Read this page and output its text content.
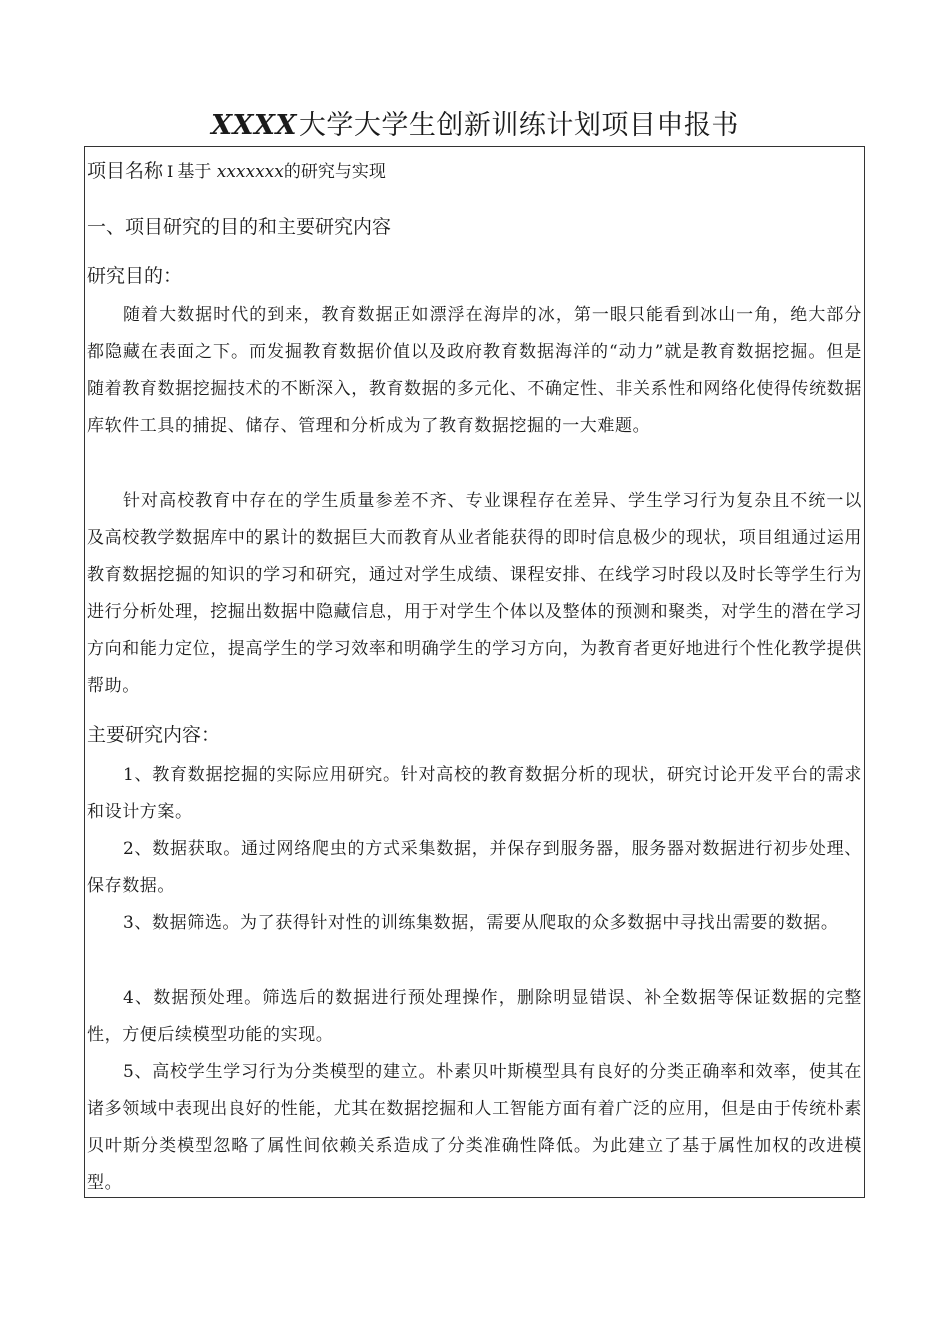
XXXX大学大学生创新训练计划项目申报书
项目名称 I 基于 xxxxxxx的研究与实现
一、项目研究的目的和主要研究内容
研究目的：

随着大数据时代的到来，教育数据正如漂浮在海岸的冰，第一眼只能看到冰山一角，绝大部分都隐藏在表面之下。而发掘教育数据价值以及政府教育数据海洋的“动力”就是教育数据挖掘。但是随着教育数据挖掘技术的不断深入，教育数据的多元化、不确定性、非关系性和网络化使得传统数据库软件工具的捕捉、储存、管理和分析成为了教育数据挖掘的一大难题。

针对高校教育中存在的学生质量参差不齐、专业课程存在差异、学生学习行为复杂且不统一以及高校教学数据库中的累计的数据巨大而教育从业者能获得的即时信息极少的现状，项目组通过运用教育数据挖掘的知识的学习和研究，通过对学生成绩、课程安排、在线学习时段以及时长等学生行为进行分析处理，挖掘出数据中隐藏信息，用于对学生个体以及整体的预测和聚类，对学生的潜在学习方向和能力定位，提高学生的学习效率和明确学生的学习方向，为教育者更好地进行个性化教学提供帮助。

主要研究内容：

1、教育数据挖掘的实际应用研究。针对高校的教育数据分析的现状，研究讨论开发平台的需求和设计方案。

2、数据获取。通过网络爬虫的方式采集数据，并保存到服务器，服务器对数据进行初步处理、保存数据。

3、数据筛选。为了获得针对性的训练集数据，需要从爬取的众多数据中寻找出需要的数据。

4、数据预处理。筛选后的数据进行预处理操作，删除明显错误、补全数据等保证数据的完整性，方便后续模型功能的实现。

5、高校学生学习行为分类模型的建立。朴素贝叶斯模型具有良好的分类正确率和效率，使其在诸多领域中表现出良好的性能，尤其在数据挖掘和人工智能方面有着广泛的应用，但是由于传统朴素贝叶斯分类模型忽略了属性间依赖关系造成了分类准确性降低。为此建立了基于属性加权的改进模型。
